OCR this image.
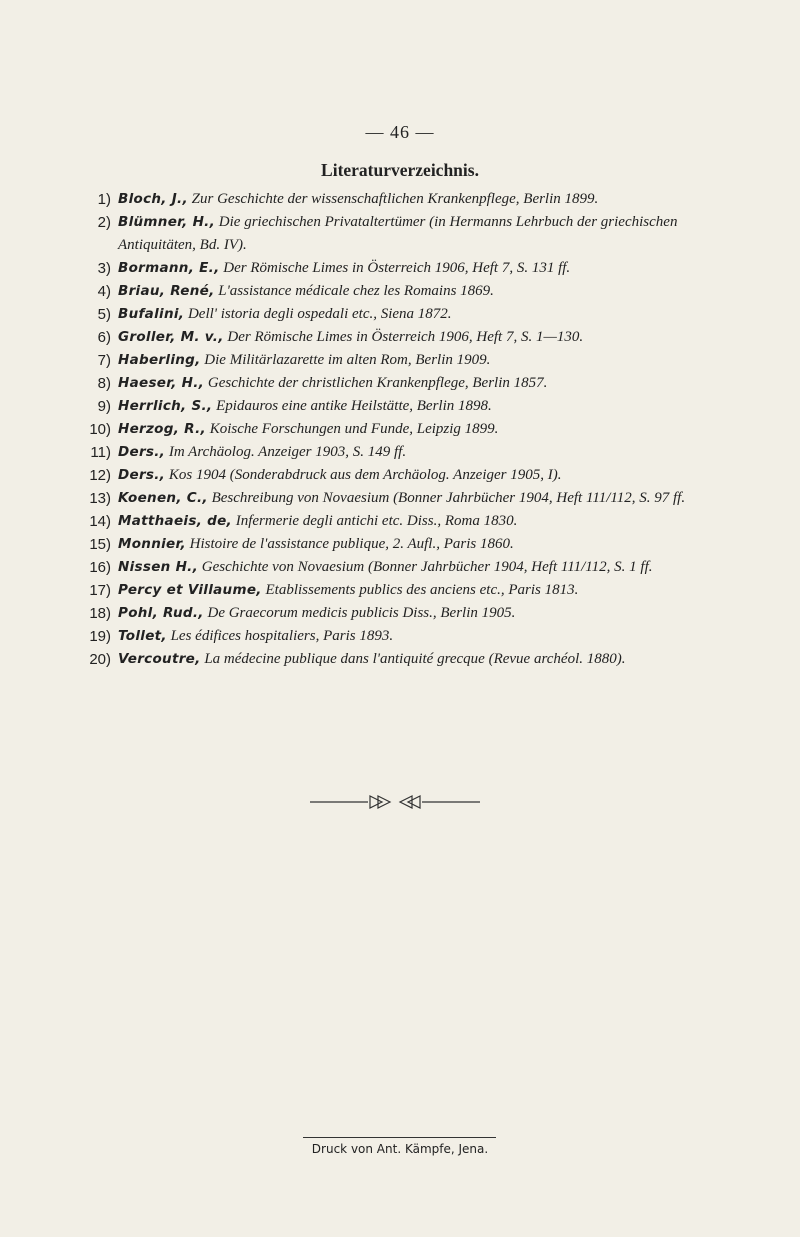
— 46 —
Literaturverzeichnis.
1) Bloch, J., Zur Geschichte der wissenschaftlichen Krankenpflege, Berlin 1899.
2) Blümner, H., Die griechischen Privataltertümer (in Hermanns Lehrbuch der griechischen Antiquitäten, Bd. IV).
3) Bormann, E., Der Römische Limes in Österreich 1906, Heft 7, S. 131 ff.
4) Briau, René, L'assistance médicale chez les Romains 1869.
5) Bufalini, Dell' istoria degli ospedali etc., Siena 1872.
6) Groller, M. v., Der Römische Limes in Österreich 1906, Heft 7, S. 1—130.
7) Haberling, Die Militärlazarette im alten Rom, Berlin 1909.
8) Haeser, H., Geschichte der christlichen Krankenpflege, Berlin 1857.
9) Herrlich, S., Epidauros eine antike Heilstätte, Berlin 1898.
10) Herzog, R., Koische Forschungen und Funde, Leipzig 1899.
11) Ders., Im Archäolog. Anzeiger 1903, S. 149 ff.
12) Ders., Kos 1904 (Sonderabdruck aus dem Archäolog. Anzeiger 1905, I).
13) Koenen, C., Beschreibung von Novaesium (Bonner Jahrbücher 1904, Heft 111/112, S. 97 ff.
14) Matthaeis, de, Infermerie degli antichi etc. Diss., Roma 1830.
15) Monnier, Histoire de l'assistance publique, 2. Aufl., Paris 1860.
16) Nissen H., Geschichte von Novaesium (Bonner Jahrbücher 1904, Heft 111/112, S. 1 ff.
17) Percy et Villaume, Etablissements publics des anciens etc., Paris 1813.
18) Pohl, Rud., De Graecorum medicis publicis Diss., Berlin 1905.
19) Tollet, Les édifices hospitaliers, Paris 1893.
20) Vercoutre, La médecine publique dans l'antiquité grecque (Revue archéol. 1880).
Druck von Ant. Kämpfe, Jena.
